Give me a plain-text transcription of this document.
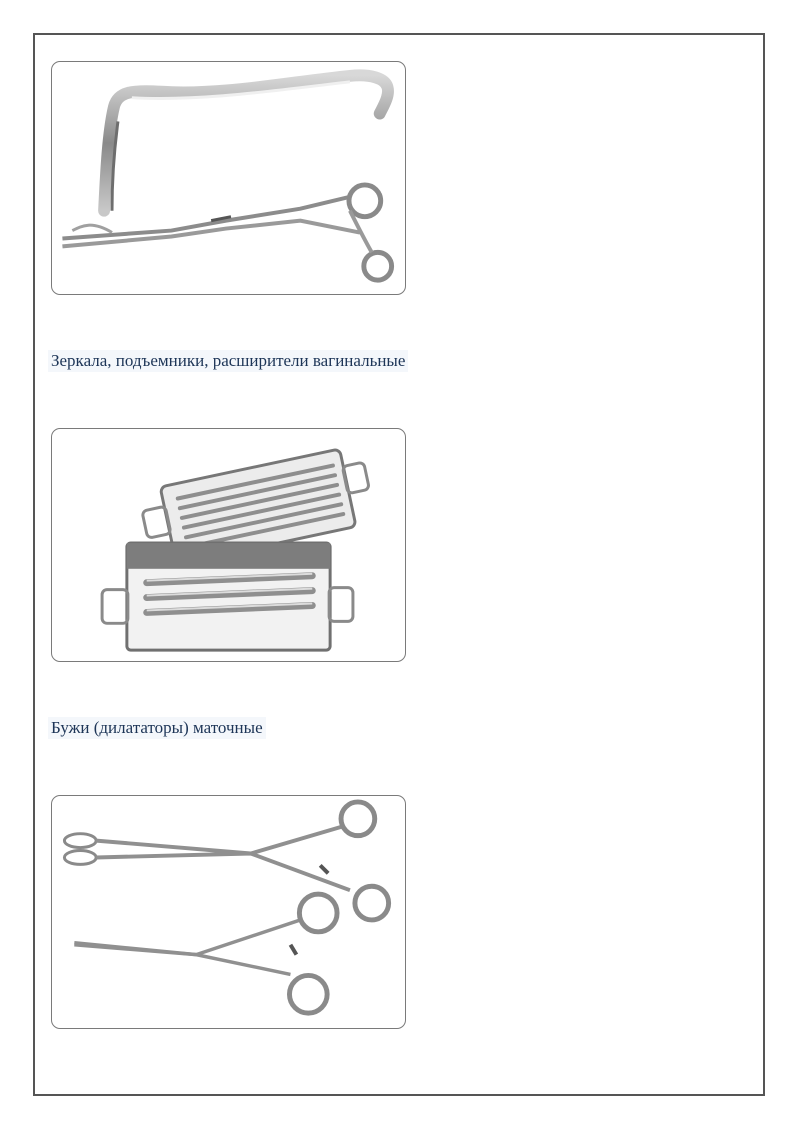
Зеркала, подъемники, расширители вагинальные
Бужи (дилататоры) маточные
